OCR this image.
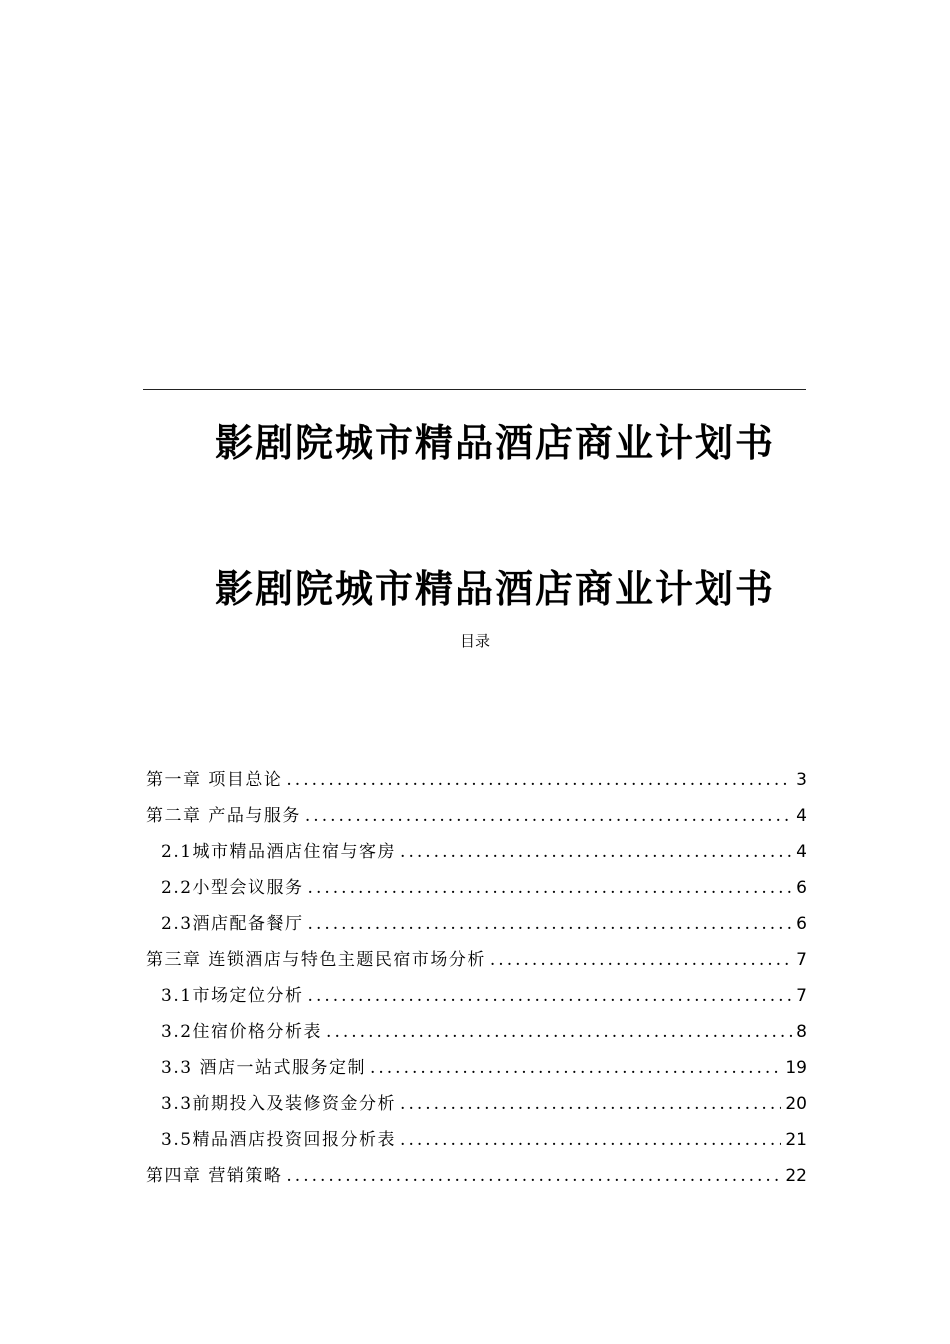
影剧院城市精品酒店商业计划书
影剧院城市精品酒店商业计划书
目录
第一章 项目总论 .....	3
第二章 产品与服务 .....	4
2.1城市精品酒店住宿与客房 .....	4
2.2小型会议服务 .....	6
2.3酒店配备餐厅 .....	6
第三章 连锁酒店与特色主题民宿市场分析 .....	7
3.1市场定位分析 .....	7
3.2住宿价格分析表 .....	8
3.3 酒店一站式服务定制 .....	19
3.3前期投入及装修资金分析 .....	20
3.5精品酒店投资回报分析表 .....	21
第四章 营销策略 .....	22
